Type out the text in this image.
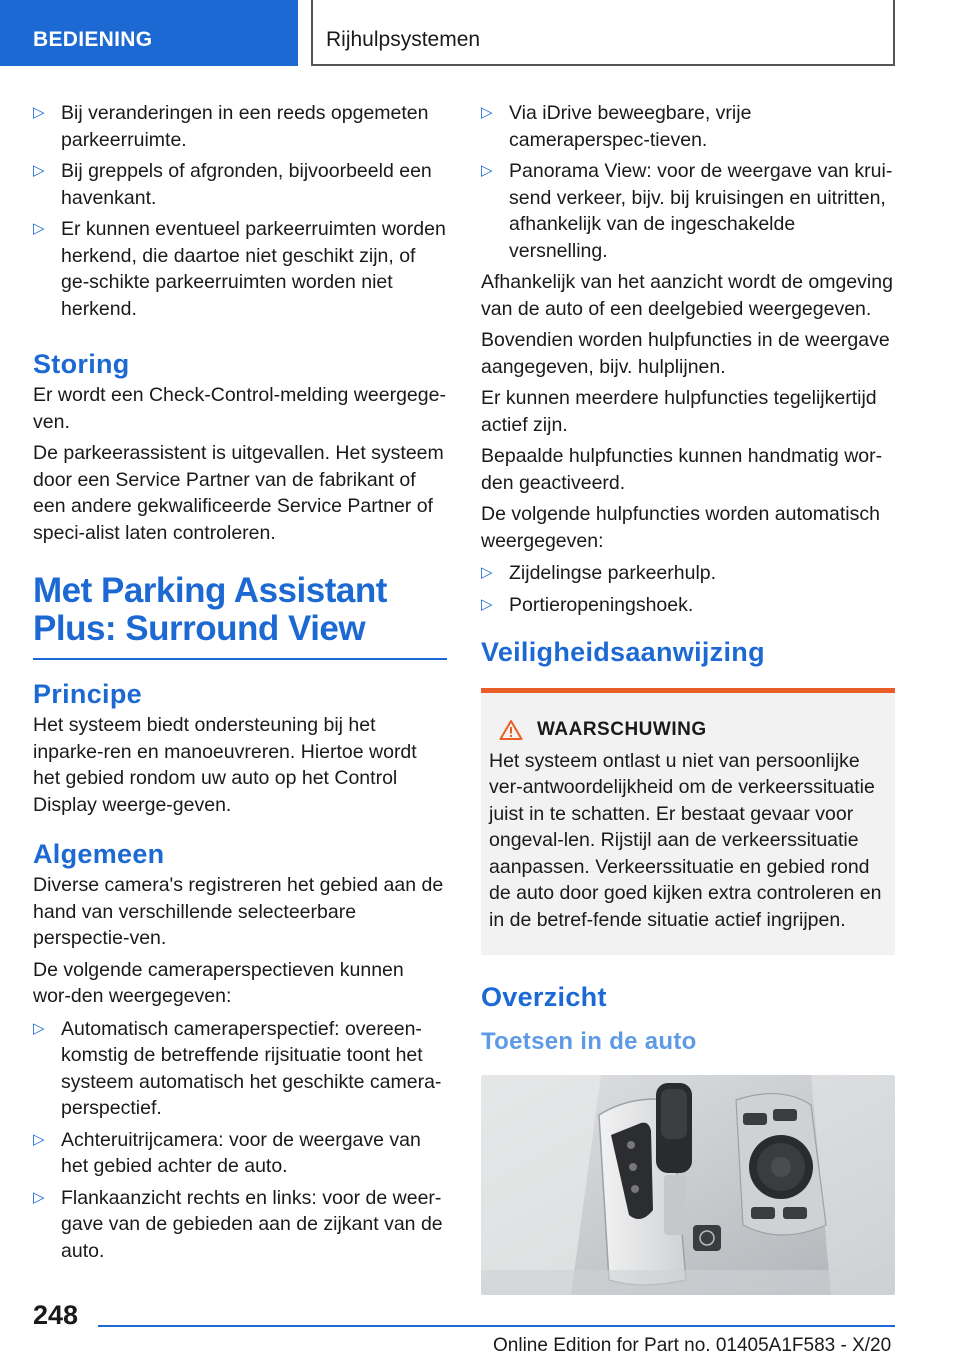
BEDIENING	Rijhulpsystemen
▷ Bij veranderingen in een reeds opgemeten parkeerruimte.
▷ Bij greppels of afgronden, bijvoorbeeld een havenkant.
▷ Er kunnen eventueel parkeerruimten worden herkend, die daartoe niet geschikt zijn, of ge-schikte parkeerruimten worden niet herkend.
Storing

Er wordt een Check-Control-melding weergege-ven.

De parkeerassistent is uitgevallen. Het systeem door een Service Partner van de fabrikant of een andere gekwalificeerde Service Partner of speci-alist laten controleren.

Met Parking Assistant Plus: Surround View
Principe

Het systeem biedt ondersteuning bij het inparke-ren en manoeuvreren. Hiertoe wordt het gebied rondom uw auto op het Control Display weerge-geven.

Algemeen

Diverse camera's registreren het gebied aan de hand van verschillende selecteerbare perspectie-ven.

De volgende cameraperspectieven kunnen wor-den weergegeven:

▷ Automatisch cameraperspectief: overeen-komstig de betreffende rijsituatie toont het systeem automatisch het geschikte camera-perspectief.
▷ Achteruitrijcamera: voor de weergave van het gebied achter de auto.
▷ Flankaanzicht rechts en links: voor de weer-gave van de gebieden aan de zijkant van de auto.
▷ Via iDrive beweegbare, vrije cameraperspec-tieven.
▷ Panorama View: voor de weergave van krui-send verkeer, bijv. bij kruisingen en uitritten, afhankelijk van de ingeschakelde versnelling.

Afhankelijk van het aanzicht wordt de omgeving van de auto of een deelgebied weergegeven.

Bovendien worden hulpfuncties in de weergave aangegeven, bijv. hulplijnen.

Er kunnen meerdere hulpfuncties tegelijkertijd actief zijn.

Bepaalde hulpfuncties kunnen handmatig wor-den geactiveerd.

De volgende hulpfuncties worden automatisch weergegeven:

▷ Zijdelingse parkeerhulp.
▷ Portieropeningshoek.
Veiligheidsaanwijzing
WAARSCHUWING
Het systeem ontlast u niet van persoonlijke ver-antwoordelijkheid om de verkeerssituatie juist in te schatten. Er bestaat gevaar voor ongeval-len. Rijstijl aan de verkeerssituatie aanpassen. Verkeerssituatie en gebied rond de auto door goed kijken extra controleren en in de betref-fende situatie actief ingrijpen.
Overzicht
Toetsen in de auto
248
Online Edition for Part no. 01405A1F583 - X/20
